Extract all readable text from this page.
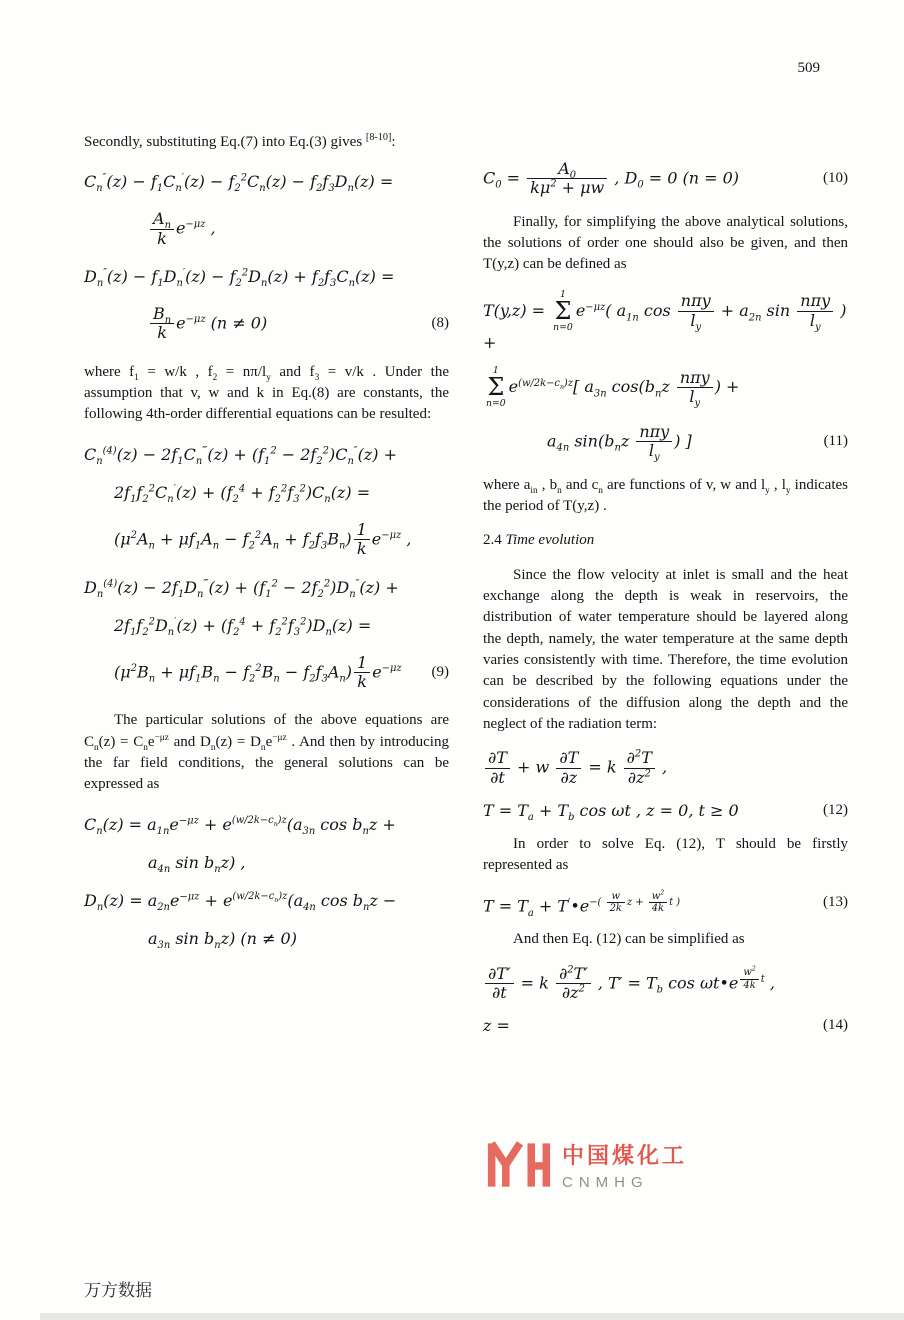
509

Secondly, substituting Eq.(7) into Eq.(3) gives [8-10]:

$C_n''(z) - f_1C_n'(z) - f_2^2C_n(z) - f_2f_3D_n(z)$ =
$\frac{A_n}{k} e^{-\mu z}$ ,
$D_n''(z) - f_1D_n'(z) - f_2^2D_n(z) + f_2f_3C_n(z)$ =
$\frac{B_n}{k} e^{-\mu z}$ (n ≠ 0)	(8)

where $f_1 = w/k$ , $f_2 = n\pi/l_y$ and $f_3 = v/k$ . Under the assumption that v, w and k in Eq.(8) are constants, the following 4th-order differential equations can be resulted:

$C_n^{(4)}(z) - 2f_1C_n^‴(z) + (f_1^2 - 2f_2^2)C_n''(z)$ +
$2f_1f_2^2C_n'(z) + (f_2^4 + f_2^2f_3^2)C_n(z)$ =
$(\mu^2A_n + \mu f_1A_n - f_2^2A_n + f_2f_3B_n) \frac{1}{k} e^{-\mu z}$ ,
$D_n^{(4)}(z) - 2f_1D_n^‴(z) + (f_1^2 - 2f_2^2)D_n''(z)$ +
$2f_1f_2^2D_n'(z) + (f_2^4 + f_2^2f_3^2)D_n(z)$ =
$(\mu^2B_n + \mu f_1B_n - f_2^2B_n - f_2f_3A_n) \frac{1}{k} e^{-\mu z}$	(9)

The particular solutions of the above equations are $C_n(z) = C_ne^{-\mu z}$ and $D_n(z) = D_ne^{-\mu z}$ . And then by introducing the far field conditions, the general solutions can be expressed as

$C_n(z) = a_{1n}e^{-\mu z} + e^{(w/2k-c_n)z}(a_{3n}$ $\cos b_nz$ +
$a_{4n}$ $\sin b_nz$) ,
$D_n(z) = a_{2n}e^{-\mu z} + e^{(w/2k-c_n)z}(a_{4n}$ $\cos b_nz$ −
$a_{3n}$ $\sin b_nz$) (n ≠ 0)
$C_0 = \frac{A_0}{k\mu^2 + \mu w}$ , $D_0 = 0$ (n = 0)	(10)

Finally, for simplifying the above analytical solutions, the solutions of order one should also be given, and then T(y,z) can be defined as

T(y,z) =
1
Σ
n=0
$e^{-\mu z}$( $a_{1n}$ $\cos \frac{\text{nπy}}{l_y} + a_{2n}$ $\sin \frac{\text{nπy}}{l_y}$ ) +
1
Σ
n=0
$e^{(w/2k-c_n)z}$[ $a_{3n}$ $\cos(b_nz \frac{\text{nπy}}{l_y}$ ) +
$a_{4n}$ $\sin(b_nz \frac{\text{nπy}}{l_y}$ ) ]	(11)

where $a_{in}$ , $b_n$ and $c_n$ are functions of v, w and $l_y$ , $l_y$ indicates the period of T(y,z) .

2.4 Time evolution

Since the flow velocity at inlet is small and the heat exchange along the depth is weak in reservoirs, the distribution of water temperature should be layered along the depth, namely, the water temperature at the same depth varies consistently with time. Therefore, the time evolution can be described by the following equations under the considerations of the diffusion along the depth and the neglect of the radiation term:

$\frac{\partial T}{\partial t} + w \frac{\partial T}{\partial z} = k \frac{\partial^2T}{\partial z^2}$ ,
$T = T_a + T_b$ cos ωt , z = 0, t ≥ 0	(12)

In order to solve Eq. (12), T should be firstly represented as

$T = T_a$ + $T'•e^{-( \frac{w}{2k} z + \frac{w^2}{4k} t )}$	(13)

And then Eq. (12) can be simplified as

$\frac{\partial T'}{\partial t} = k \frac{\partial^2T'}{\partial z^2}$ , $T' = T_b$ cos ωt•e $^{\frac{w^2}{4k} t}$ ,
z =	(14)
中国煤化工
CNMHG
万方数据
